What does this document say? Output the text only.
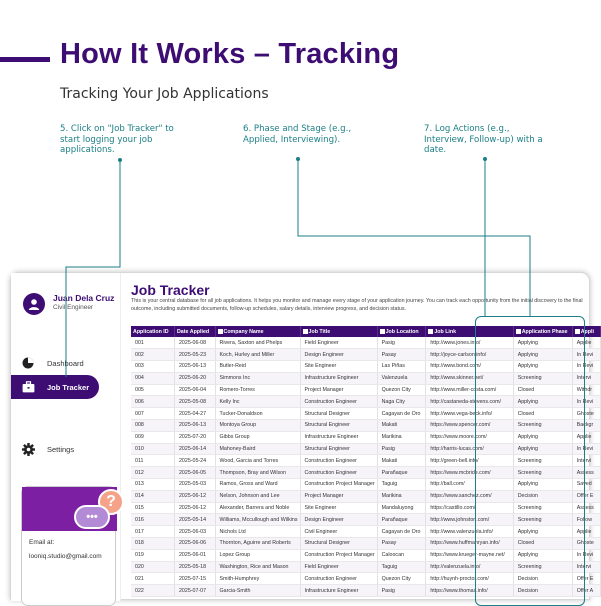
How It Works – Tracking
Tracking Your Job Applications
5. Click on "Job Tracker" to start logging your job applications.
6. Phase and Stage (e.g., Applied, Interviewing).
7. Log Actions (e.g., Interview, Follow-up) with a date.
Juan Dela Cruz
Civil Engineer
Dashboard
Job Tracker
Settings
?
•••
Email at:
looniq.studio@gmail.com
Job Tracker
This is your central database for all job applications. It helps you monitor and manage every stage of your application journey. You can track each opportunity from the initial discovery to the final outcome, including submitted documents, follow-up schedules, salary details, interview progress, and decision status.
Application ID	Date Applied	Company Name	Job Title	Job Location	Job Link	Application Phase	Appli
001	2025-06-08	Rivera, Saxton and Phelps	Field Engineer	Pasig	http://www.jones.info/	Applying	Applie
002	2025-05-23	Koch, Hurley and Miller	Design Engineer	Pasay	http://joyce-carlson.info/	Applying	In Revi
003	2025-06-13	Butler-Reid	Site Engineer	Las Piñas	http://www.bond.com/	Applying	In Revi
004	2025-06-20	Simmons Inc	Infrastructure Engineer	Valenzuela	http://www.skinner.net/	Screening	Intervi
005	2025-06-04	Romero-Torres	Project Manager	Quezon City	http://www.miller-costa.com/	Closed	Withdr
006	2025-05-08	Kelly Inc	Construction Engineer	Naga City	http://castaneda-stevens.com/	Applying	In Revi
007	2025-04-27	Tucker-Donaldson	Structural Designer	Cagayan de Oro	http://www.vega-beck.info/	Closed	Ghoste
008	2025-06-13	Montoya Group	Structural Engineer	Makati	https://www.spencer.com/	Screening	Backgr
009	2025-07-20	Gibbs Group	Infrastructure Engineer	Marikina	https://www.moore.com/	Applying	Applie
010	2025-06-14	Mahoney-Baird	Structural Engineer	Pasig	http://harris-lucas.com/	Applying	In Revi
011	2025-05-24	Wood, Garcia and Torres	Construction Engineer	Makati	http://green-bell.info/	Screening	Intervi
012	2025-06-05	Thompson, Bray and Wilson	Construction Engineer	Parañaque	https://www.mcbride.com/	Screening	Assess
013	2025-05-03	Ramos, Gross and Ward	Construction Project Manager	Taguig	http://ball.com/	Applying	Saved
014	2025-06-12	Nelson, Johnson and Lee	Project Manager	Marikina	https://www.sanchez.com/	Decision	Offer E
015	2025-06-12	Alexander, Barrera and Noble	Site Engineer	Mandaluyong	https://castillo.com/	Screening	Assess
016	2025-05-14	Williams, Mccullough and Wilkins	Design Engineer	Parañaque	http://www.johnston.com/	Screening	Follow
017	2025-06-03	Nichols Ltd	Civil Engineer	Cagayan de Oro	http://www.valenzuela.info/	Applying	Applie
018	2025-06-06	Thornton, Aguirre and Roberts	Structural Designer	Pasay	https://www.huffmanryan.info/	Closed	Ghoste
019	2025-06-01	Lopez Group	Construction Project Manager	Caloocan	https://www.krueger-mayne.net/	Applying	In Revi
020	2025-05-18	Washington, Rice and Mason	Field Engineer	Taguig	http://valenzuela.info/	Screening	Intervi
021	2025-07-15	Smith-Humphrey	Construction Engineer	Quezon City	http://huynh-proctor.com/	Decision	Offer E
022	2025-07-07	Garcia-Smith	Infrastructure Engineer	Pasig	https://www.thomas.info/	Decision	Offer A
